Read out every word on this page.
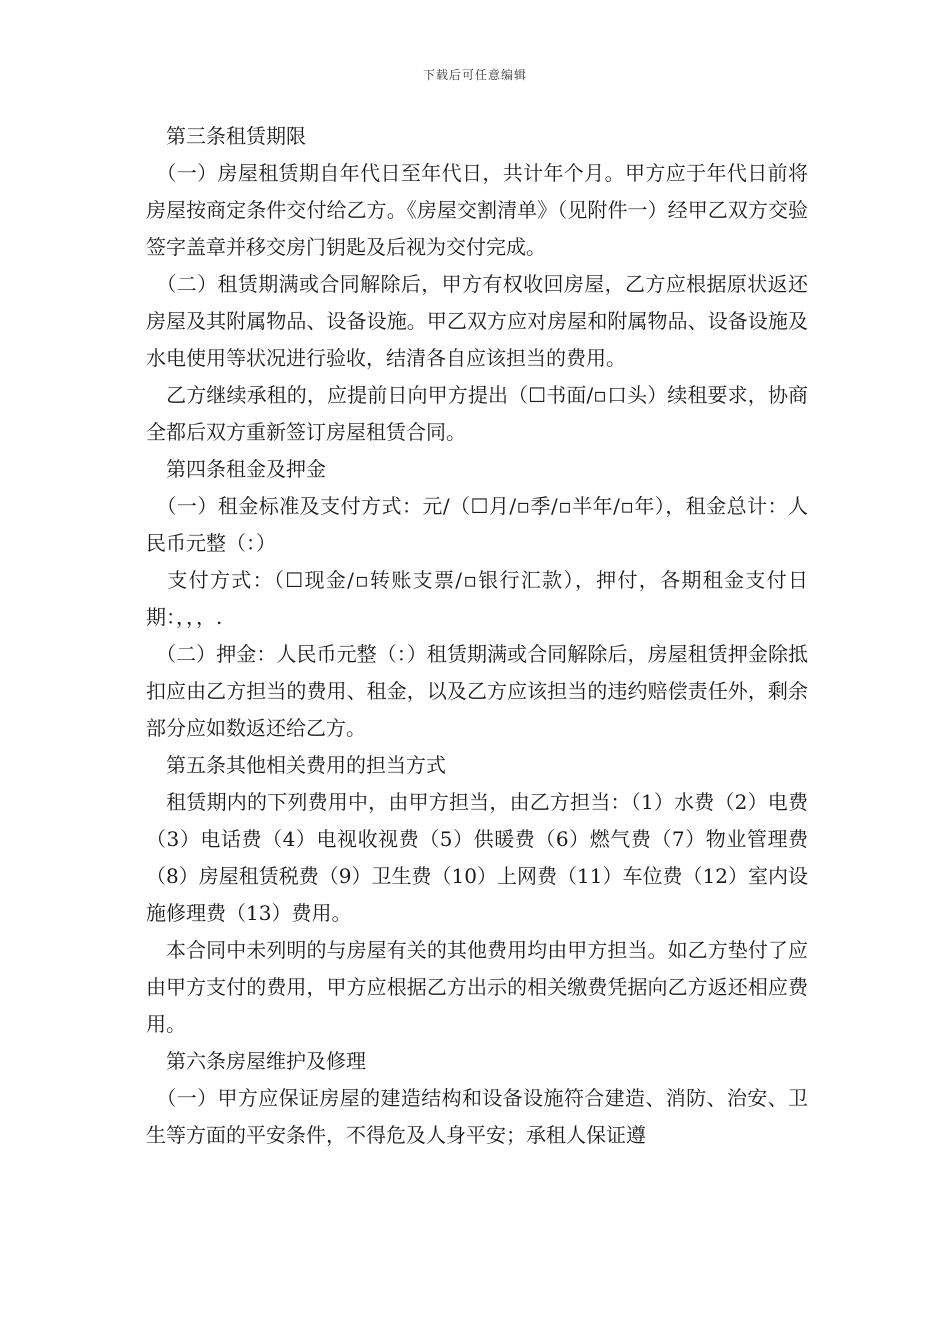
下载后可任意编辑

　第三条租赁期限

　（一）房屋租赁期自年代日至年代日，共计年个月。甲方应于年代日前将房屋按商定条件交付给乙方。《房屋交割清单》（见附件一）经甲乙双方交验签字盖章并移交房门钥匙及后视为交付完成。

　（二）租赁期满或合同解除后，甲方有权收回房屋，乙方应根据原状返还房屋及其附属物品、设备设施。甲乙双方应对房屋和附属物品、设备设施及水电使用等状况进行验收，结清各自应该担当的费用。

　乙方继续承租的，应提前日向甲方提出（☐书面/▫口头）续租要求，协商全都后双方重新签订房屋租赁合同。

　第四条租金及押金

　（一）租金标准及支付方式：元/（☐月/▫季/▫半年/▫年），租金总计：人民币元整（：）

　支付方式：（☐现金/▫转账支票/▫银行汇款），押付，各期租金支付日期：，，，.

　（二）押金：人民币元整（：）租赁期满或合同解除后，房屋租赁押金除抵扣应由乙方担当的费用、租金，以及乙方应该担当的违约赔偿责任外，剩余部分应如数返还给乙方。

　第五条其他相关费用的担当方式

　租赁期内的下列费用中，由甲方担当，由乙方担当：（1）水费（2）电费（3）电话费（4）电视收视费（5）供暖费（6）燃气费（7）物业管理费（8）房屋租赁税费（9）卫生费（10）上网费（11）车位费（12）室内设施修理费（13）费用。

　本合同中未列明的与房屋有关的其他费用均由甲方担当。如乙方垫付了应由甲方支付的费用，甲方应根据乙方出示的相关缴费凭据向乙方返还相应费用。

　第六条房屋维护及修理

　（一）甲方应保证房屋的建造结构和设备设施符合建造、消防、治安、卫生等方面的平安条件，不得危及人身平安；承租人保证遵
